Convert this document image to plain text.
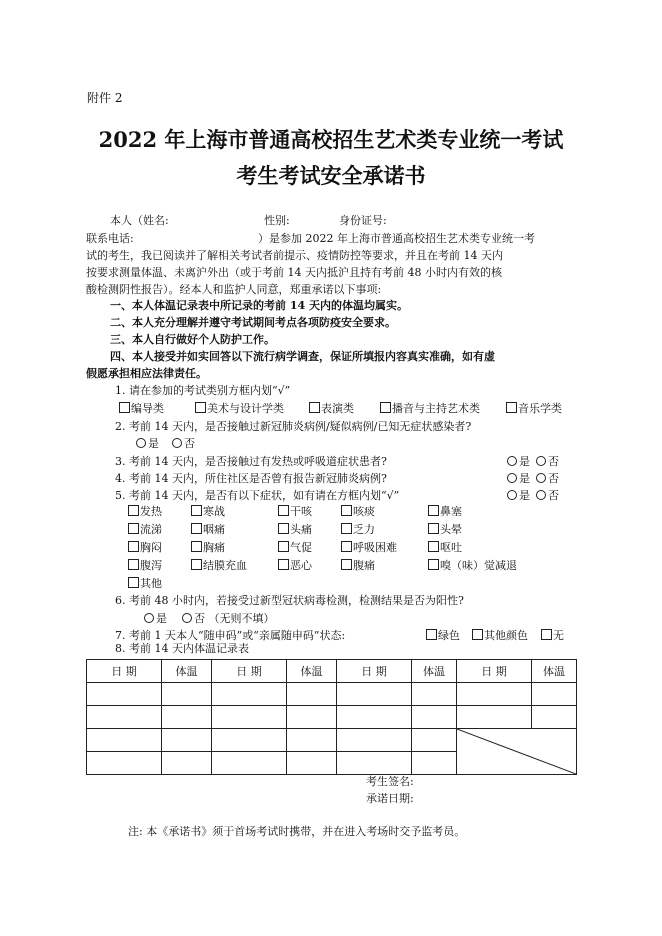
附件 2
2022 年上海市普通高校招生艺术类专业统一考试
考生考试安全承诺书
本人（姓名:	性别:	身份证号:
联系电话:	）是参加 2022 年上海市普通高校招生艺术类专业统一考
试的考生，我已阅读并了解相关考试者前提示、疫情防控等要求，并且在考前 14 天内
按要求测量体温、未离沪外出（或于考前 14 天内抵沪且持有考前 48 小时内有效的核
酸检测阴性报告）。经本人和监护人同意，郑重承诺以下事项:
一、本人体温记录表中所记录的考前 14 天内的体温均属实。
二、本人充分理解并遵守考试期间考点各项防疫安全要求。
三、本人自行做好个人防护工作。
四、本人接受并如实回答以下流行病学调查，保证所填报内容真实准确，如有虚
假愿承担相应法律责任。
1. 请在参加的考试类别方框内划“√”
编导类	美术与设计学类	表演类	播音与主持艺术类	音乐学类
2. 考前 14 天内，是否接触过新冠肺炎病例/疑似病例/已知无症状感染者?
是	否
3. 考前 14 天内，是否接触过有发热或呼吸道症状患者?	是	否
4. 考前 14 天内，所住社区是否曾有报告新冠肺炎病例?	是	否
5. 考前 14 天内，是否有以下症状，如有请在方框内划“√”	是	否
发热	寒战	干咳	咳痰	鼻塞
流涕	咽痛	头痛	乏力	头晕
胸闷	胸痛	气促	呼吸困难	呕吐
腹泻	结膜充血	恶心	腹痛	嗅（味）觉减退
其他
6. 考前 48 小时内，若接受过新型冠状病毒检测，检测结果是否为阳性?
是	否 （无则不填）
7. 考前 1 天本人“随申码”或“亲属随申码”状态:	绿色	其他颜色	无
8. 考前 14 天内体温记录表
日 期	体温	日 期	体温	日 期	体温	日 期	体温

考生签名:
承诺日期:
注: 本《承诺书》须于首场考试时携带，并在进入考场时交予监考员。
